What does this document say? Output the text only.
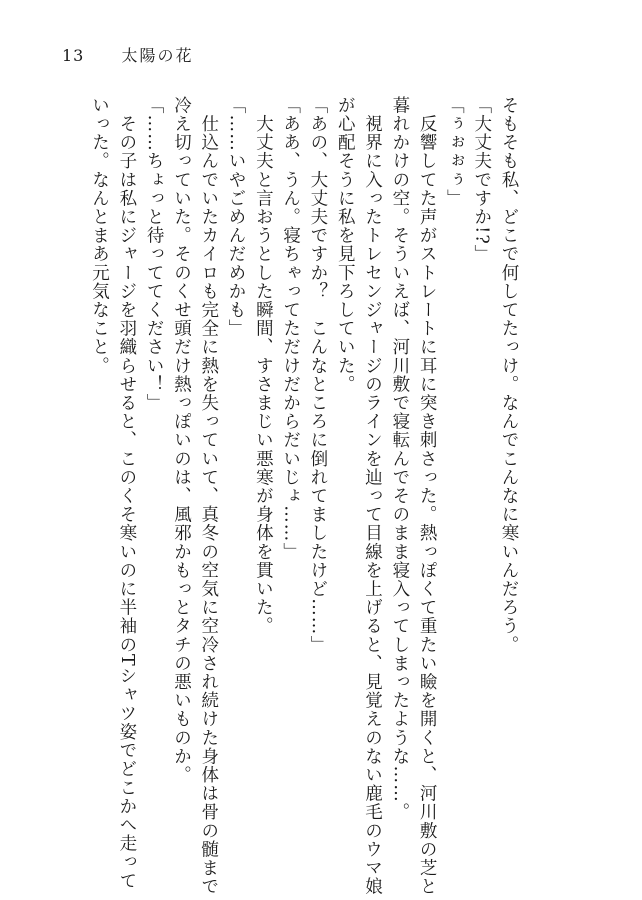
13 太陽の花

そもそも私、どこで何してたっけ。なんでこんなに寒いんだろう。

「大丈夫ですか!?」

「ぅぉぉぅ」

　反響してた声がストレートに耳に突き刺さった。熱っぽくて重たい瞼を開くと、河川敷の芝と

暮れかけの空。そういえば、河川敷で寝転んでそのまま寝入ってしまったような……。

　視界に入ったトレセンジャージのラインを辿って目線を上げると、見覚えのない鹿毛のウマ娘

が心配そうに私を見下ろしていた。

「あの、大丈夫ですか？　こんなところに倒れてましたけど……」

「ああ、うん。寝ちゃってただけだからだいじょ……」

　大丈夫と言おうとした瞬間、すさまじい悪寒が身体を貫いた。

「……いやごめんだめかも」

　仕込んでいたカイロも完全に熱を失っていて、真冬の空気に空冷され続けた身体は骨の髄まで

冷え切っていた。そのくせ頭だけ熱っぽいのは、風邪かもっとタチの悪いものか。

「……ちょっと待っててください！」

　その子は私にジャージを羽織らせると、このくそ寒いのに半袖のTシャツ姿でどこかへ走って

いった。なんとまあ元気なこと。
